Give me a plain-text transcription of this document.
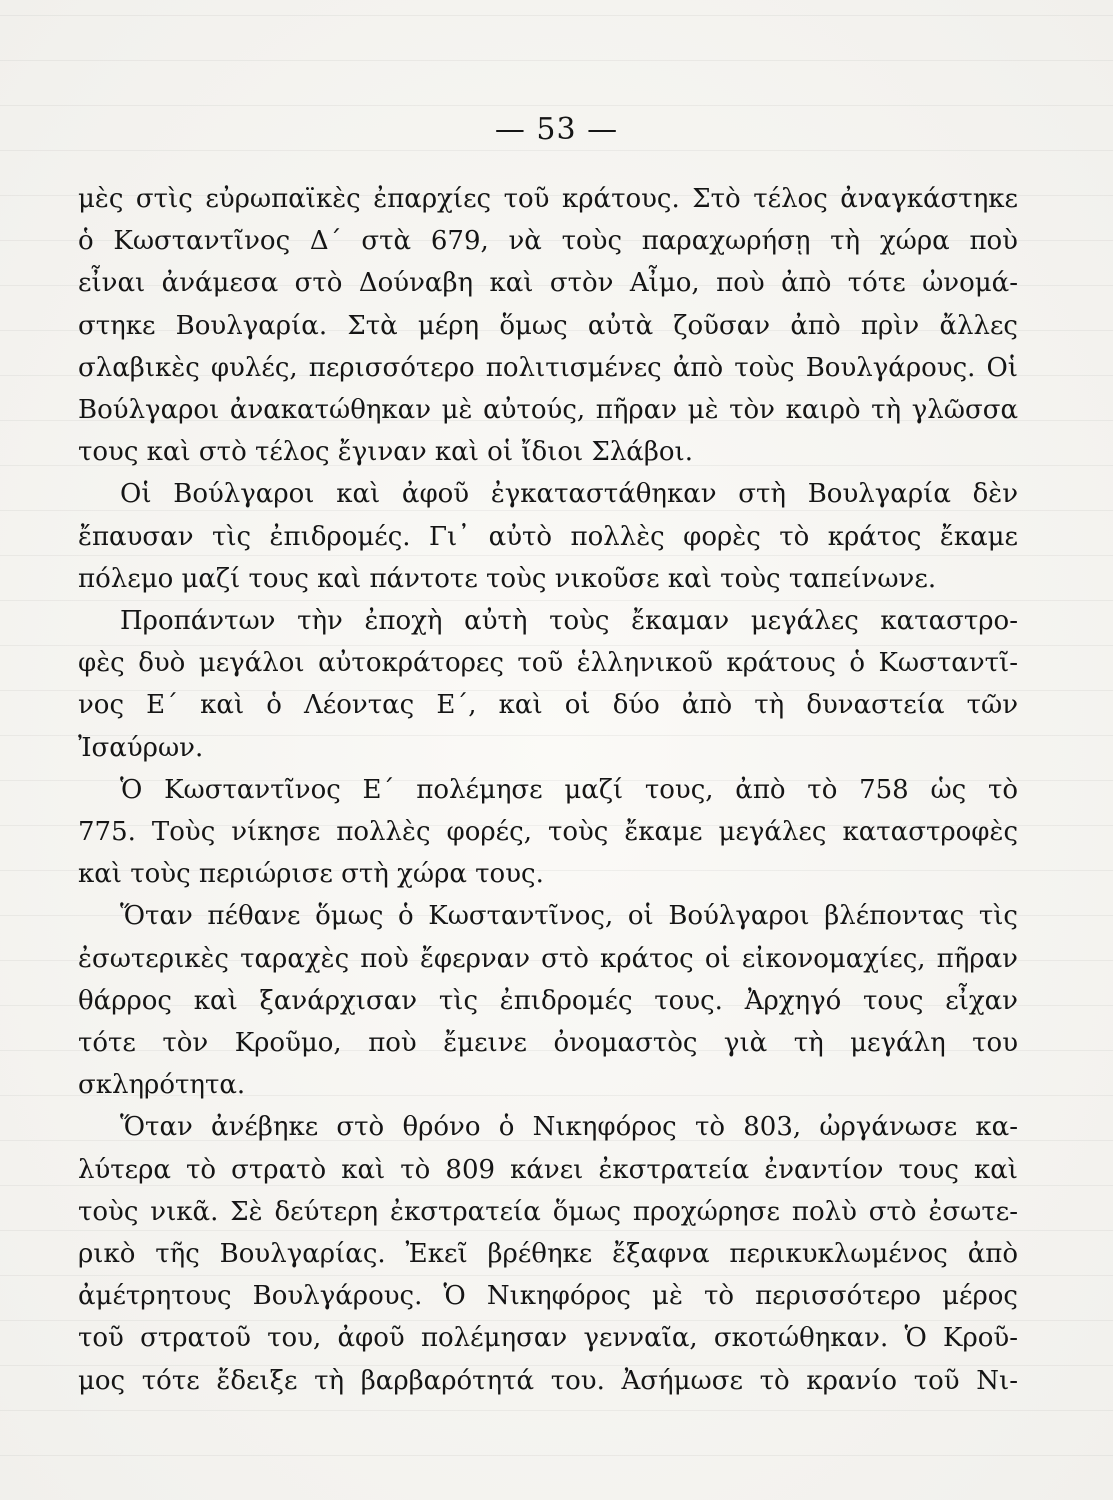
— 53 —
μὲς στὶς εὐρωπαϊκὲς ἐπαρχίες τοῦ κράτους. Στὸ τέλος ἀναγκάστηκε
ὁ Κωσταντῖνος Δ΄ στὰ 679, νὰ τοὺς παραχωρήσῃ τὴ χώρα ποὺ
εἶναι ἀνάμεσα στὸ Δούναβη καὶ στὸν Αἶμο, ποὺ ἀπὸ τότε ὠνομά-
στηκε Βουλγαρία. Στὰ μέρη ὅμως αὐτὰ ζοῦσαν ἀπὸ πρὶν ἄλλες
σλαβικὲς φυλές, περισσότερο πολιτισμένες ἀπὸ τοὺς Βουλγάρους. Οἱ
Βούλγαροι ἀνακατώθηκαν μὲ αὐτούς, πῆραν μὲ τὸν καιρὸ τὴ γλῶσσα
τους καὶ στὸ τέλος ἔγιναν καὶ οἱ ἴδιοι Σλάβοι.
Οἱ Βούλγαροι καὶ ἀφοῦ ἐγκαταστάθηκαν στὴ Βουλγαρία δὲν
ἔπαυσαν τὶς ἐπιδρομές. Γι᾽ αὐτὸ πολλὲς φορὲς τὸ κράτος ἔκαμε
πόλεμο μαζί τους καὶ πάντοτε τοὺς νικοῦσε καὶ τοὺς ταπείνωνε.
Προπάντων τὴν ἐποχὴ αὐτὴ τοὺς ἔκαμαν μεγάλες καταστρο-
φὲς δυὸ μεγάλοι αὐτοκράτορες τοῦ ἑλληνικοῦ κράτους ὁ Κωσταντῖ-
νος Ε΄ καὶ ὁ Λέοντας Ε΄, καὶ οἱ δύο ἀπὸ τὴ δυναστεία τῶν
Ἰσαύρων.
Ὁ Κωσταντῖνος Ε΄ πολέμησε μαζί τους, ἀπὸ τὸ 758 ὡς τὸ
775. Τοὺς νίκησε πολλὲς φορές, τοὺς ἔκαμε μεγάλες καταστροφὲς
καὶ τοὺς περιώρισε στὴ χώρα τους.
Ὅταν πέθανε ὅμως ὁ Κωσταντῖνος, οἱ Βούλγαροι βλέποντας τὶς
ἐσωτερικὲς ταραχὲς ποὺ ἔφερναν στὸ κράτος οἱ εἰκονομαχίες, πῆραν
θάρρος καὶ ξανάρχισαν τὶς ἐπιδρομές τους. Ἀρχηγό τους εἶχαν
τότε τὸν Κροῦμο, ποὺ ἔμεινε ὀνομαστὸς γιὰ τὴ μεγάλη του
σκληρότητα.
Ὅταν ἀνέβηκε στὸ θρόνο ὁ Νικηφόρος τὸ 803, ὠργάνωσε κα-
λύτερα τὸ στρατὸ καὶ τὸ 809 κάνει ἐκστρατεία ἐναντίον τους καὶ
τοὺς νικᾶ. Σὲ δεύτερη ἐκστρατεία ὅμως προχώρησε πολὺ στὸ ἐσωτε-
ρικὸ τῆς Βουλγαρίας. Ἐκεῖ βρέθηκε ἔξαφνα περικυκλωμένος ἀπὸ
ἀμέτρητους Βουλγάρους. Ὁ Νικηφόρος μὲ τὸ περισσότερο μέρος
τοῦ στρατοῦ του, ἀφοῦ πολέμησαν γενναῖα, σκοτώθηκαν. Ὁ Κροῦ-
μος τότε ἔδειξε τὴ βαρβαρότητά του. Ἀσήμωσε τὸ κρανίο τοῦ Νι-
